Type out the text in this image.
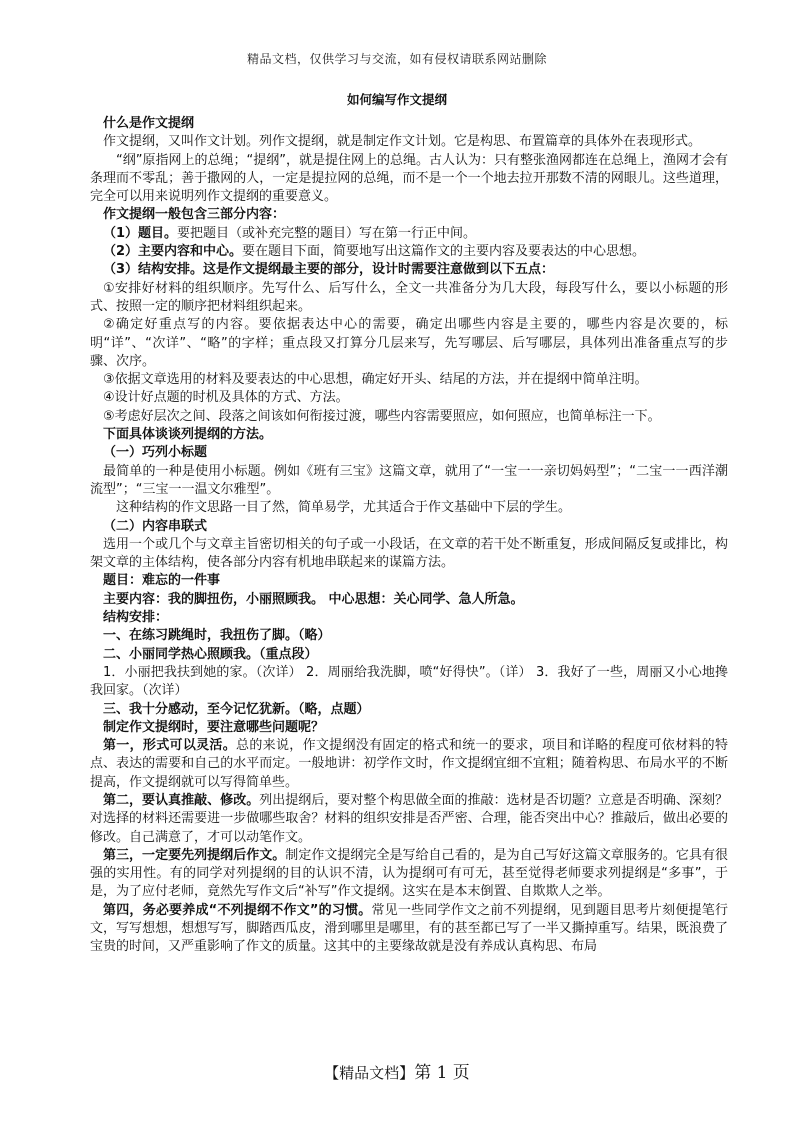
精品文档，仅供学习与交流，如有侵权请联系网站删除
如何编写作文提纲

什么是作文提纲

作文提纲，又叫作文计划。列作文提纲，就是制定作文计划。它是构思、布置篇章的具体外在表现形式。

“纲”原指网上的总绳；“提纲”，就是提住网上的总绳。古人认为：只有整张渔网都连在总绳上，渔网才会有条理而不零乱；善于撒网的人，一定是提拉网的总绳，而不是一个一个地去拉开那数不清的网眼儿。这些道理，完全可以用来说明列作文提纲的重要意义。

作文提纲一般包含三部分内容：

（1）题目。要把题目（或补充完整的题目）写在第一行正中间。

（2）主要内容和中心。要在题目下面，简要地写出这篇作文的主要内容及要表达的中心思想。

（3）结构安排。这是作文提纲最主要的部分，设计时需要注意做到以下五点：

①安排好材料的组织顺序。先写什么、后写什么，全文一共准备分为几大段，每段写什么，要以小标题的形式、按照一定的顺序把材料组织起来。

②确定好重点写的内容。要依据表达中心的需要，确定出哪些内容是主要的，哪些内容是次要的，标明“详”、“次详”、“略”的字样；重点段又打算分几层来写，先写哪层、后写哪层，具体列出准备重点写的步骤、次序。

③依据文章选用的材料及要表达的中心思想，确定好开头、结尾的方法，并在提纲中简单注明。

④设计好点题的时机及具体的方式、方法。

⑤考虑好层次之间、段落之间该如何衔接过渡，哪些内容需要照应，如何照应，也简单标注一下。

下面具体谈谈列提纲的方法。

（一）巧列小标题

最简单的一种是使用小标题。例如《班有三宝》这篇文章，就用了“一宝一一亲切妈妈型”；“二宝一一西洋潮流型”；“三宝一一温文尔雅型”。

这种结构的作文思路一目了然，简单易学，尤其适合于作文基础中下层的学生。

（二）内容串联式

选用一个或几个与文章主旨密切相关的句子或一小段话，在文章的若干处不断重复，形成间隔反复或排比，构架文章的主体结构，使各部分内容有机地串联起来的谋篇方法。

题目：难忘的一件事

主要内容：我的脚扭伤，小丽照顾我。 中心思想：关心同学、急人所急。

结构安排：

一、在练习跳绳时，我扭伤了脚。（略）

二、小丽同学热心照顾我。（重点段）

1．小丽把我扶到她的家。（次详） 2．周丽给我洗脚，喷“好得快”。（详） 3．我好了一些，周丽又小心地搀我回家。（次详）

三、我十分感动，至今记忆犹新。（略，点题）

制定作文提纲时，要注意哪些问题呢？

第一，形式可以灵活。总的来说，作文提纲没有固定的格式和统一的要求，项目和详略的程度可依材料的特点、表达的需要和自己的水平而定。一般地讲：初学作文时，作文提纲宜细不宜粗；随着构思、布局水平的不断提高，作文提纲就可以写得简单些。

第二，要认真推敲、修改。列出提纲后，要对整个构思做全面的推敲：选材是否切题？立意是否明确、深刻？对选择的材料还需要进一步做哪些取舍？材料的组织安排是否严密、合理，能否突出中心？推敲后，做出必要的修改。自己满意了，才可以动笔作文。

第三，一定要先列提纲后作文。制定作文提纲完全是写给自己看的，是为自己写好这篇文章服务的。它具有很强的实用性。有的同学对列提纲的目的认识不清，认为提纲可有可无，甚至觉得老师要求列提纲是“多事”，于是，为了应付老师，竟然先写作文后“补写”作文提纲。这实在是本末倒置、自欺欺人之举。

第四，务必要养成“不列提纲不作文”的习惯。常见一些同学作文之前不列提纲，见到题目思考片刻便提笔行文，写写想想，想想写写，脚踏西瓜皮，滑到哪里是哪里，有的甚至都已写了一半又撕掉重写。结果，既浪费了宝贵的时间，又严重影响了作文的质量。这其中的主要缘故就是没有养成认真构思、布局

【精品文档】第 1 页
